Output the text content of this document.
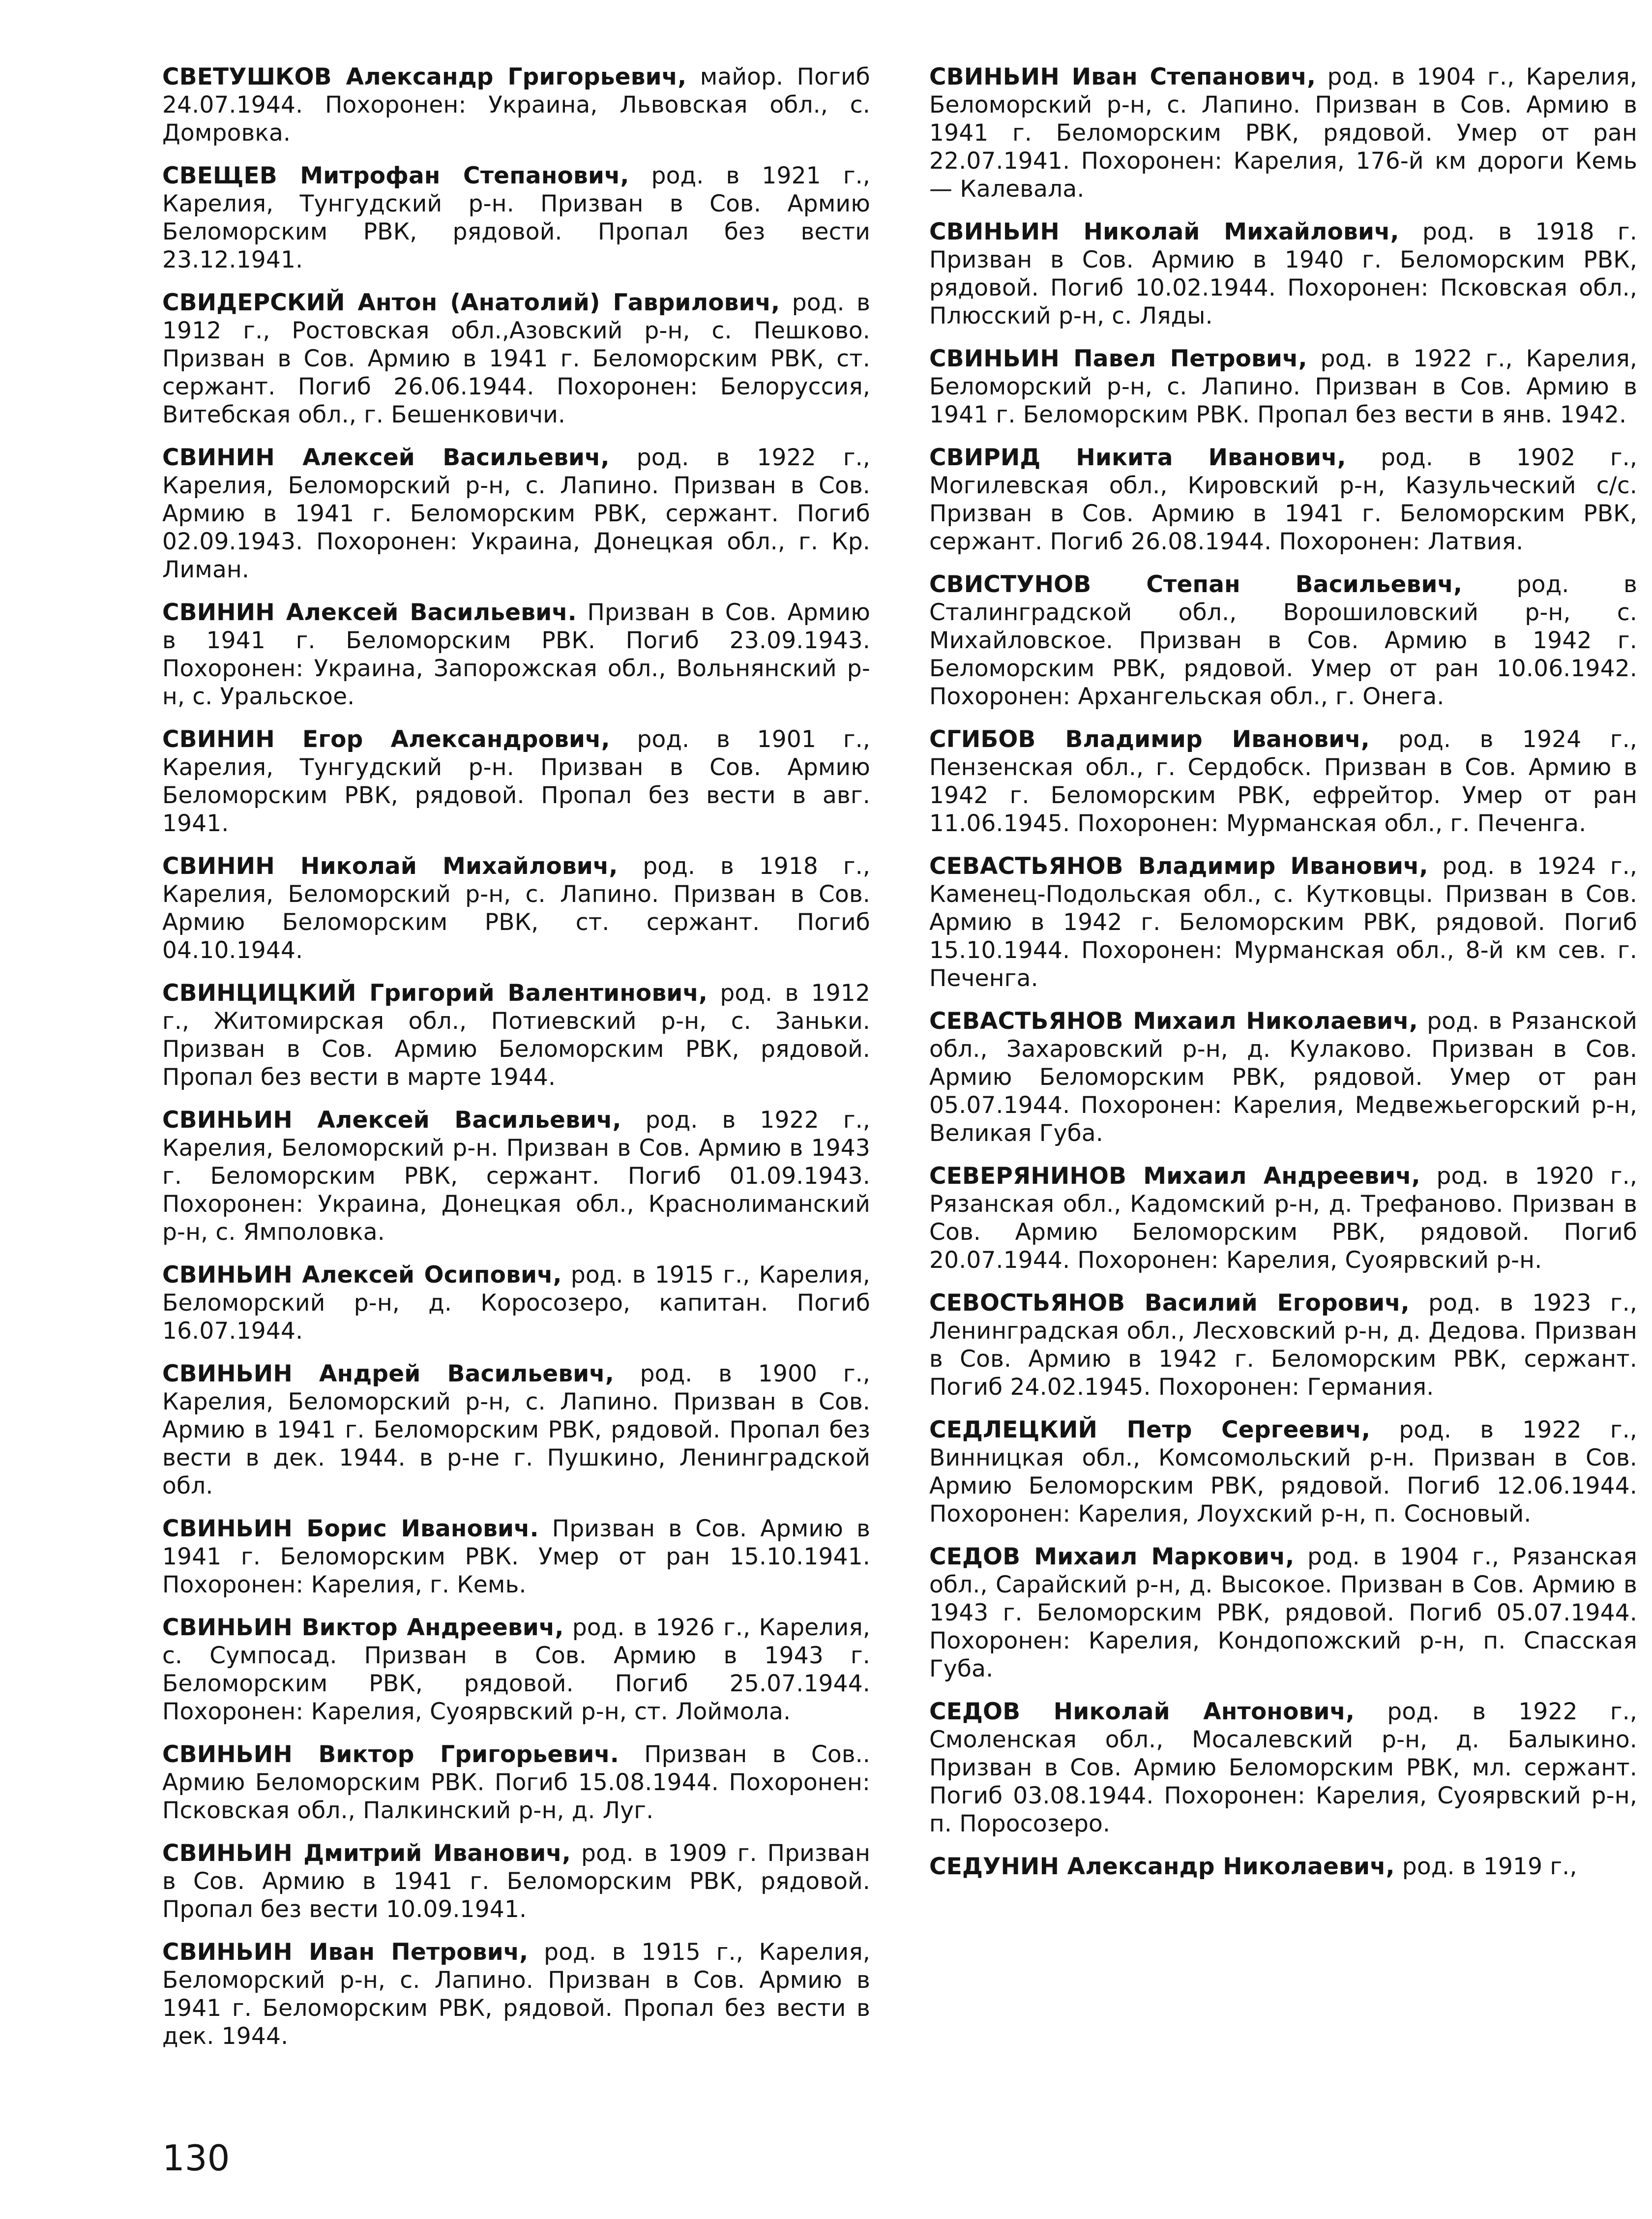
СВЕТУШКОВ Александр Григорьевич, майор. Погиб 24.07.1944. Похоронен: Украина, Львовская обл., с. Домровка.

СВЕЩЕВ Митрофан Степанович, род. в 1921 г., Карелия, Тунгудский р-н. Призван в Сов. Армию Беломорским РВК, рядовой. Пропал без вести 23.12.1941.

СВИДЕРСКИЙ Антон (Анатолий) Гаврилович, род. в 1912 г., Ростовская обл.,Азовский р-н, с. Пешково. Призван в Сов. Армию в 1941 г. Беломорским РВК, ст. сержант. Погиб 26.06.1944. Похоронен: Белоруссия, Витебская обл., г. Бешенковичи.

СВИНИН Алексей Васильевич, род. в 1922 г., Карелия, Беломорский р-н, с. Лапино. Призван в Сов. Армию в 1941 г. Беломорским РВК, сержант. Погиб 02.09.1943. Похоронен: Украина, Донецкая обл., г. Кр. Лиман.

СВИНИН Алексей Васильевич. Призван в Сов. Армию в 1941 г. Беломорским РВК. Погиб 23.09.1943. Похоронен: Украина, Запорожская обл., Вольнянский р-н, с. Уральское.

СВИНИН Егор Александрович, род. в 1901 г., Карелия, Тунгудский р-н. Призван в Сов. Армию Беломорским РВК, рядовой. Пропал без вести в авг. 1941.

СВИНИН Николай Михайлович, род. в 1918 г., Карелия, Беломорский р-н, с. Лапино. Призван в Сов. Армию Беломорским РВК, ст. сержант. Погиб 04.10.1944.

СВИНЦИЦКИЙ Григорий Валентинович, род. в 1912 г., Житомирская обл., Потиевский р-н, с. Заньки. Призван в Сов. Армию Беломорским РВК, рядовой. Пропал без вести в марте 1944.

СВИНЬИН Алексей Васильевич, род. в 1922 г., Карелия, Беломорский р-н. Призван в Сов. Армию в 1943 г. Беломорским РВК, сержант. Погиб 01.09.1943. Похоронен: Украина, Донецкая обл., Краснолиманский р-н, с. Ямполовка.

СВИНЬИН Алексей Осипович, род. в 1915 г., Карелия, Беломорский р-н, д. Коросозеро, капитан. Погиб 16.07.1944.

СВИНЬИН Андрей Васильевич, род. в 1900 г., Карелия, Беломорский р-н, с. Лапино. Призван в Сов. Армию в 1941 г. Беломорским РВК, рядовой. Пропал без вести в дек. 1944. в р-не г. Пушкино, Ленинградской обл.

СВИНЬИН Борис Иванович. Призван в Сов. Армию в 1941 г. Беломорским РВК. Умер от ран 15.10.1941. Похоронен: Карелия, г. Кемь.

СВИНЬИН Виктор Андреевич, род. в 1926 г., Карелия, с. Сумпосад. Призван в Сов. Армию в 1943 г. Беломорским РВК, рядовой. Погиб 25.07.1944. Похоронен: Карелия, Суоярвский р-н, ст. Лоймола.

СВИНЬИН Виктор Григорьевич. Призван в Сов.. Армию Беломорским РВК. Погиб 15.08.1944. Похоронен: Псковская обл., Палкинский р-н, д. Луг.

СВИНЬИН Дмитрий Иванович, род. в 1909 г. Призван в Сов. Армию в 1941 г. Беломорским РВК, рядовой. Пропал без вести 10.09.1941.

СВИНЬИН Иван Петрович, род. в 1915 г., Карелия, Беломорский р-н, с. Лапино. Призван в Сов. Армию в 1941 г. Беломорским РВК, рядовой. Пропал без вести в дек. 1944.

СВИНЬИН Иван Степанович, род. в 1904 г., Карелия, Беломорский р-н, с. Лапино. Призван в Сов. Армию в 1941 г. Беломорским РВК, рядовой. Умер от ран 22.07.1941. Похоронен: Карелия, 176-й км дороги Кемь — Калевала.

СВИНЬИН Николай Михайлович, род. в 1918 г. Призван в Сов. Армию в 1940 г. Беломорским РВК, рядовой. Погиб 10.02.1944. Похоронен: Псковская обл., Плюсский р-н, с. Ляды.

СВИНЬИН Павел Петрович, род. в 1922 г., Карелия, Беломорский р-н, с. Лапино. Призван в Сов. Армию в 1941 г. Беломорским РВК. Пропал без вести в янв. 1942.

СВИРИД Никита Иванович, род. в 1902 г., Могилевская обл., Кировский р-н, Казульческий с/с. Призван в Сов. Армию в 1941 г. Беломорским РВК, сержант. Погиб 26.08.1944. Похоронен: Латвия.

СВИСТУНОВ Степан Васильевич, род. в Сталинградской обл., Ворошиловский р-н, с. Михайловское. Призван в Сов. Армию в 1942 г. Беломорским РВК, рядовой. Умер от ран 10.06.1942. Похоронен: Архангельская обл., г. Онега.

СГИБОВ Владимир Иванович, род. в 1924 г., Пензенская обл., г. Сердобск. Призван в Сов. Армию в 1942 г. Беломорским РВК, ефрейтор. Умер от ран 11.06.1945. Похоронен: Мурманская обл., г. Печенга.

СЕВАСТЬЯНОВ Владимир Иванович, род. в 1924 г., Каменец-Подольская обл., с. Кутковцы. Призван в Сов. Армию в 1942 г. Беломорским РВК, рядовой. Погиб 15.10.1944. Похоронен: Мурманская обл., 8-й км сев. г. Печенга.

СЕВАСТЬЯНОВ Михаил Николаевич, род. в Рязанской обл., Захаровский р-н, д. Кулаково. Призван в Сов. Армию Беломорским РВК, рядовой. Умер от ран 05.07.1944. Похоронен: Карелия, Медвежьегорский р-н, Великая Губа.

СЕВЕРЯНИНОВ Михаил Андреевич, род. в 1920 г., Рязанская обл., Кадомский р-н, д. Трефаново. Призван в Сов. Армию Беломорским РВК, рядовой. Погиб 20.07.1944. Похоронен: Карелия, Суоярвский р-н.

СЕВОСТЬЯНОВ Василий Егорович, род. в 1923 г., Ленинградская обл., Лесховский р-н, д. Дедова. Призван в Сов. Армию в 1942 г. Беломорским РВК, сержант. Погиб 24.02.1945. Похоронен: Германия.

СЕДЛЕЦКИЙ Петр Сергеевич, род. в 1922 г., Винницкая обл., Комсомольский р-н. Призван в Сов. Армию Беломорским РВК, рядовой. Погиб 12.06.1944. Похоронен: Карелия, Лоухский р-н, п. Сосновый.

СЕДОВ Михаил Маркович, род. в 1904 г., Рязанская обл., Сарайский р-н, д. Высокое. Призван в Сов. Армию в 1943 г. Беломорским РВК, рядовой. Погиб 05.07.1944. Похоронен: Карелия, Кондопожский р-н, п. Спасская Губа.

СЕДОВ Николай Антонович, род. в 1922 г., Смоленская обл., Мосалевский р-н, д. Балыкино. Призван в Сов. Армию Беломорским РВК, мл. сержант. Погиб 03.08.1944. Похоронен: Карелия, Суоярвский р-н, п. Поросозеро.

СЕДУНИН Александр Николаевич, род. в 1919 г.,

130
